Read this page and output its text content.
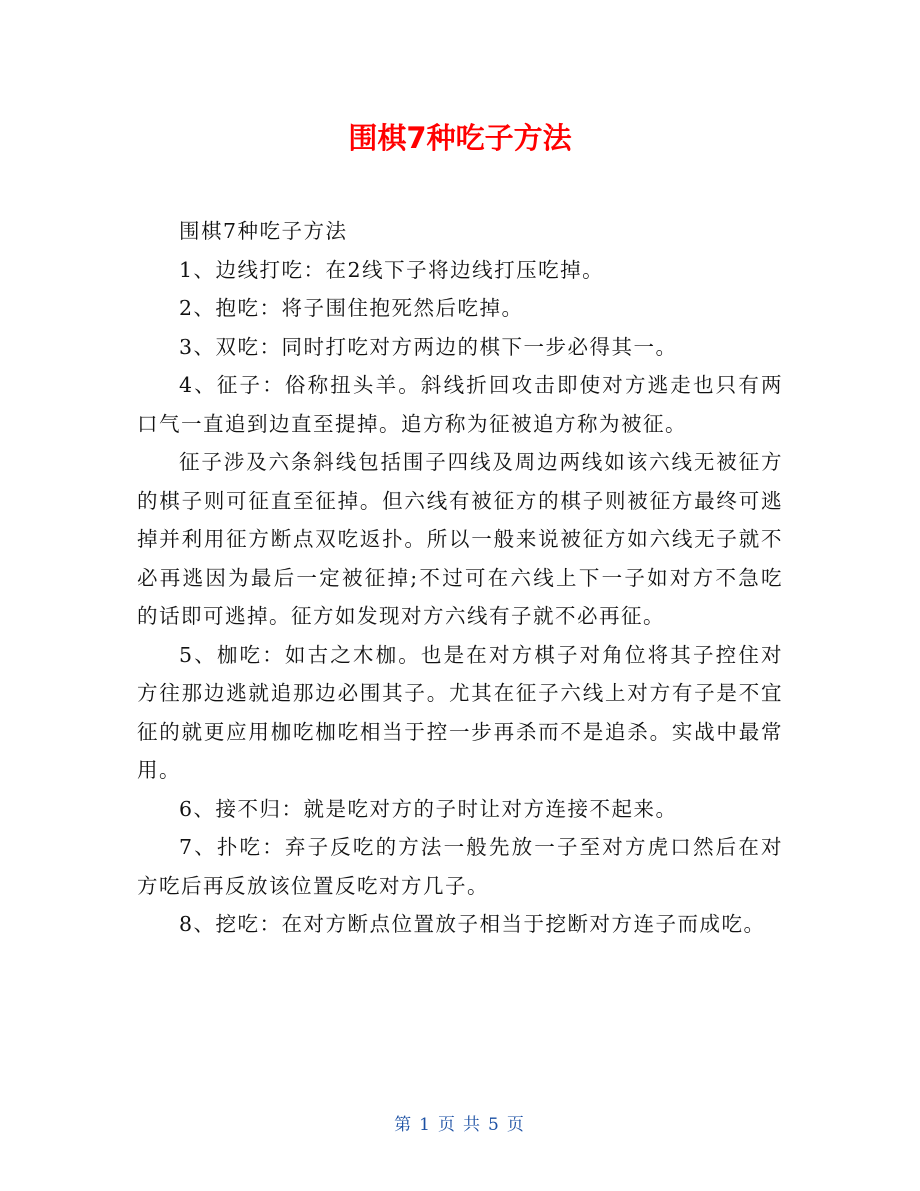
围棋7种吃子方法

围棋7种吃子方法

1、边线打吃：在2线下子将边线打压吃掉。

2、抱吃：将子围住抱死然后吃掉。

3、双吃：同时打吃对方两边的棋下一步必得其一。

4、征子：俗称扭头羊。斜线折回攻击即使对方逃走也只有两口气一直追到边直至提掉。追方称为征被追方称为被征。

征子涉及六条斜线包括围子四线及周边两线如该六线无被征方的棋子则可征直至征掉。但六线有被征方的棋子则被征方最终可逃掉并利用征方断点双吃返扑。所以一般来说被征方如六线无子就不必再逃因为最后一定被征掉;不过可在六线上下一子如对方不急吃的话即可逃掉。征方如发现对方六线有子就不必再征。

5、枷吃：如古之木枷。也是在对方棋子对角位将其子控住对方往那边逃就追那边必围其子。尤其在征子六线上对方有子是不宜征的就更应用枷吃枷吃相当于控一步再杀而不是追杀。实战中最常用。

6、接不归：就是吃对方的子时让对方连接不起来。

7、扑吃：弃子反吃的方法一般先放一子至对方虎口然后在对方吃后再反放该位置反吃对方几子。

8、挖吃：在对方断点位置放子相当于挖断对方连子而成吃。

第 1 页 共 5 页
